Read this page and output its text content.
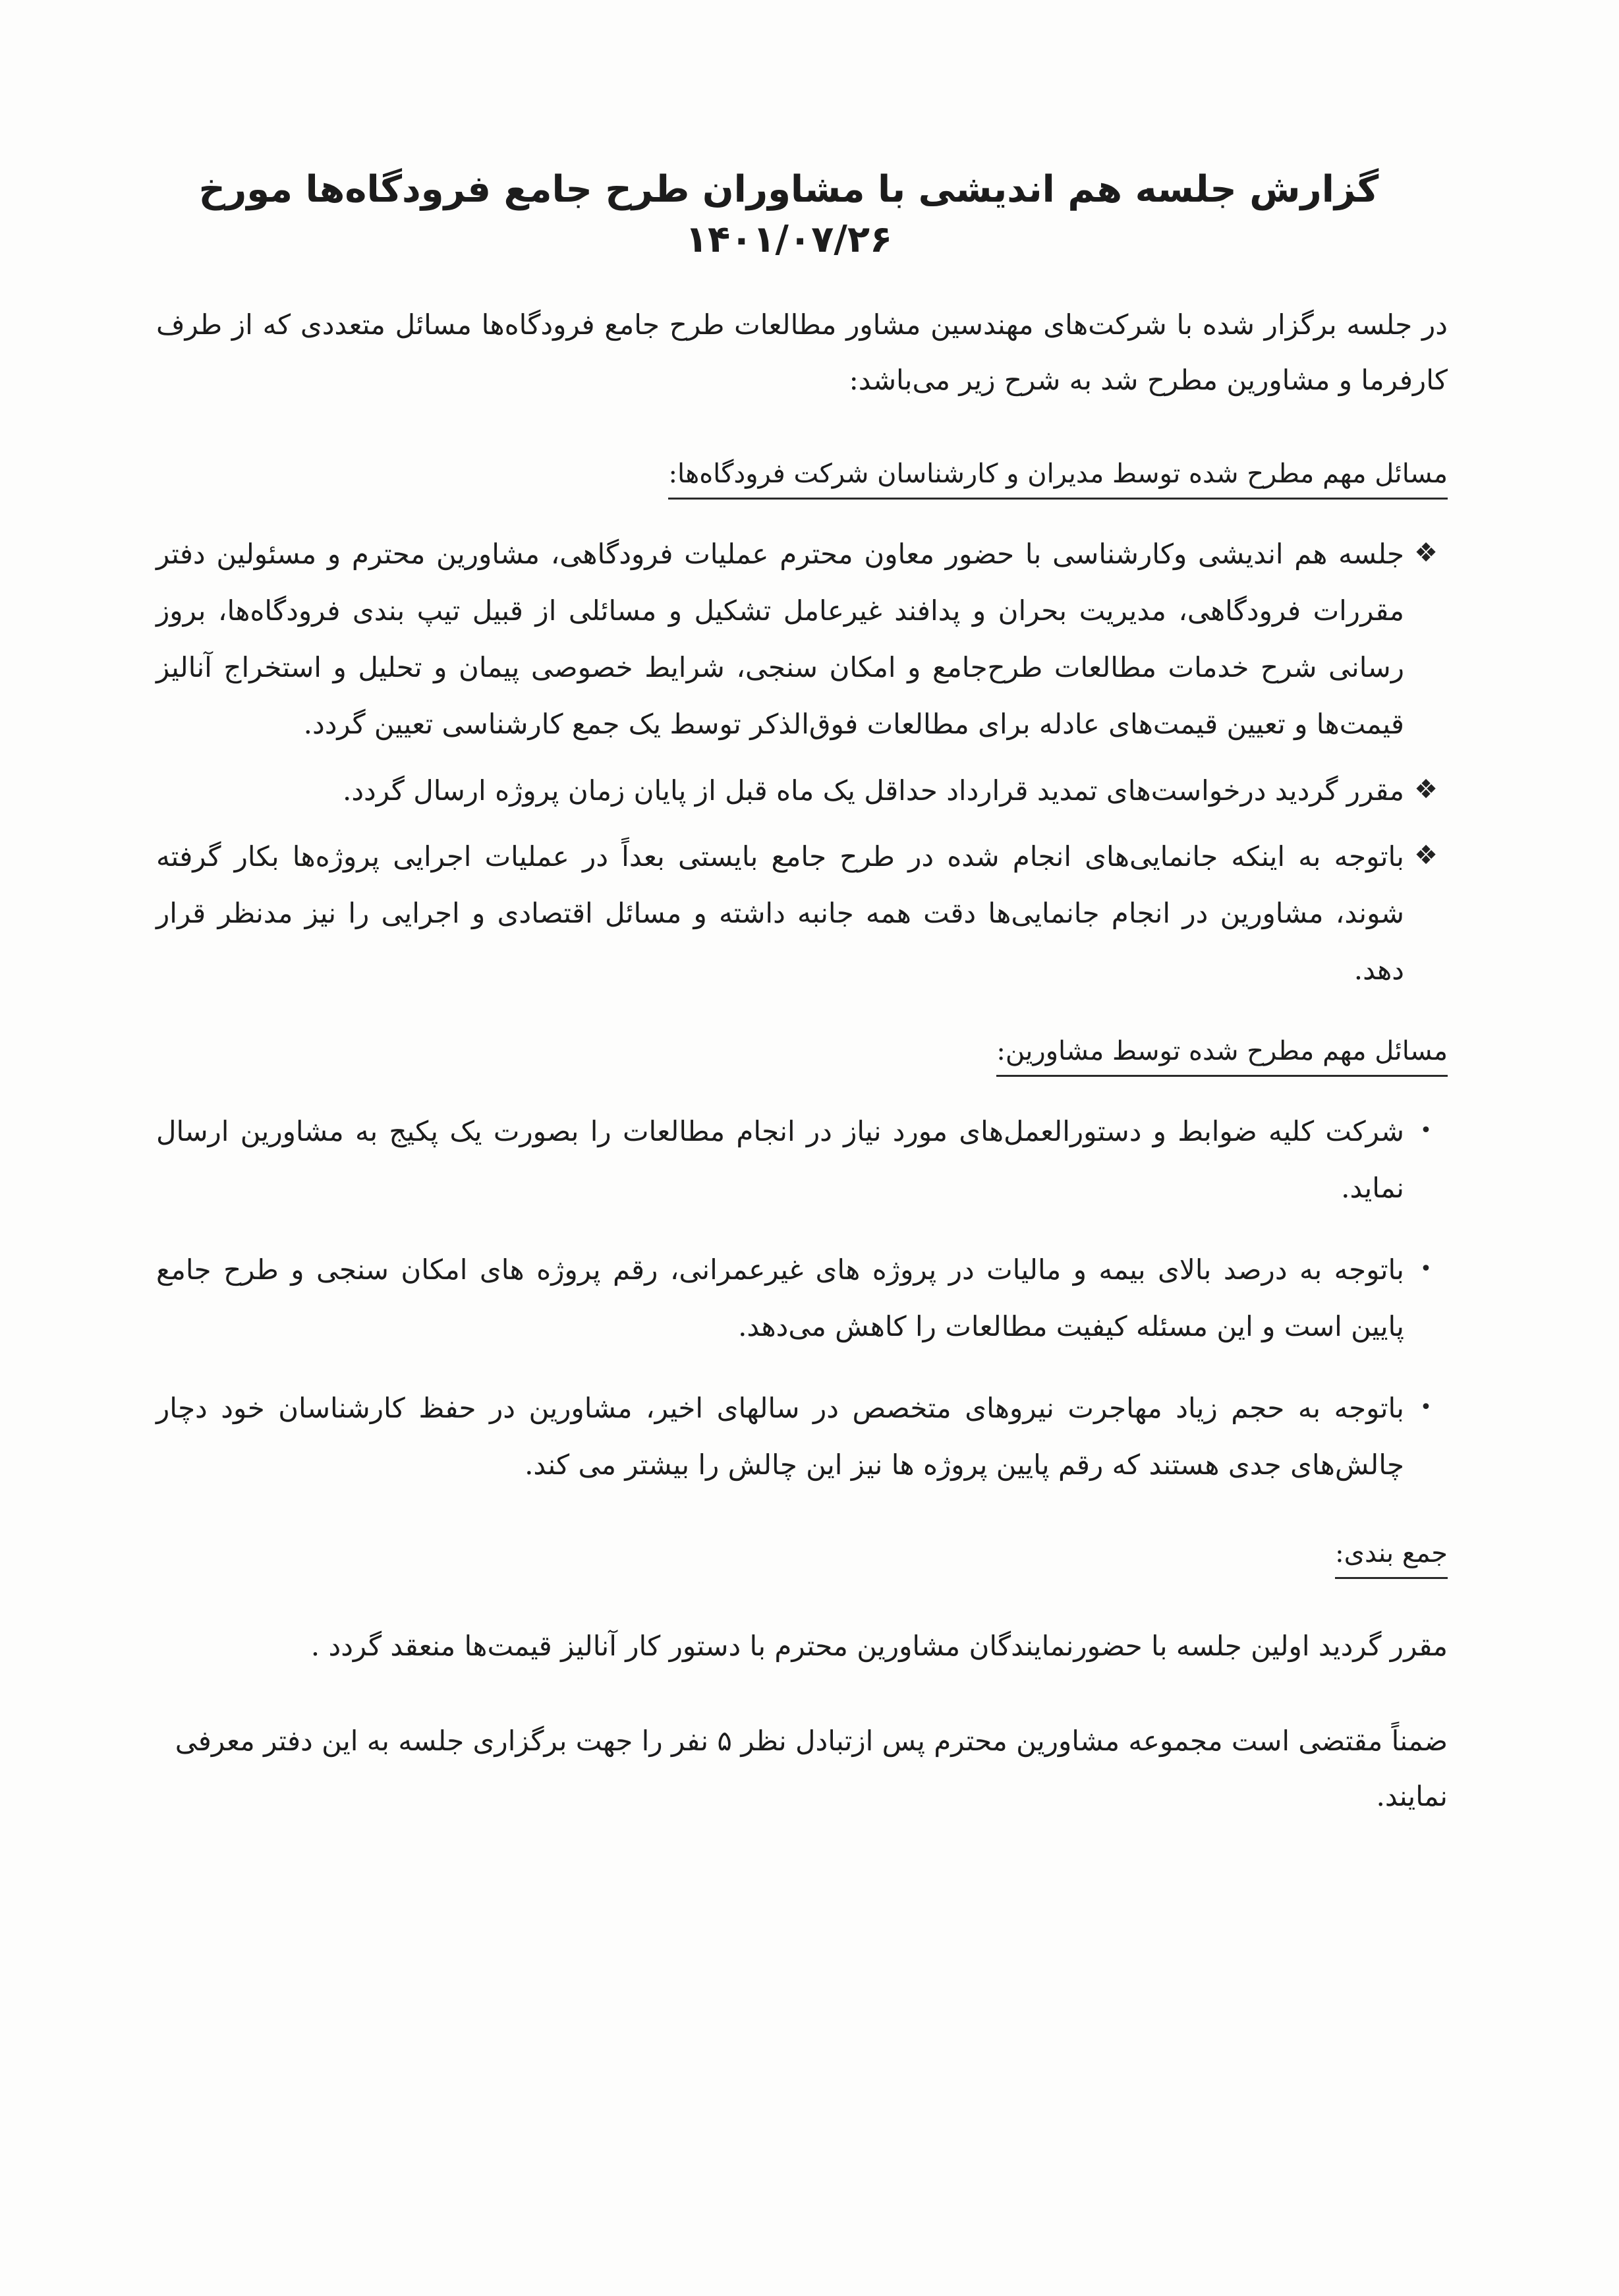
گزارش جلسه هم اندیشی با مشاوران طرح جامع فرودگاه‌ها مورخ ۱۴۰۱/۰۷/۲۶

در جلسه برگزار شده با شرکت‌های مهندسین مشاور مطالعات طرح جامع فرودگاه‌ها مسائل متعددی که از طرف کارفرما و مشاورین مطرح شد به شرح زیر می‌باشد:

مسائل مهم مطرح شده توسط مدیران و کارشناسان شرکت فرودگاه‌ها:
❖
جلسه هم اندیشی وکارشناسی با حضور معاون محترم عملیات فرودگاهی، مشاورین محترم و مسئولین دفتر مقررات فرودگاهی، مدیریت بحران و پدافند غیرعامل تشکیل و مسائلی از قبیل تیپ بندی فرودگاه‌ها، بروز رسانی شرح خدمات مطالعات طرح‌جامع و امکان سنجی، شرایط خصوصی پیمان و تحلیل و استخراج آنالیز قیمت‌ها و تعیین قیمت‌های عادله برای مطالعات فوق‌الذکر توسط یک جمع کارشناسی تعیین گردد.
❖
مقرر گردید درخواست‌های تمدید قرارداد حداقل یک ماه قبل از پایان زمان پروژه ارسال گردد.
❖
باتوجه به اینکه جانمایی‌های انجام شده در طرح جامع بایستی بعداً در عملیات اجرایی پروژه‌ها بکار گرفته شوند، مشاورین در انجام جانمایی‌ها دقت همه جانبه داشته و مسائل اقتصادی و اجرایی را نیز مدنظر قرار دهد.
مسائل مهم مطرح شده توسط مشاورین:
•
شرکت کلیه ضوابط و دستورالعمل‌های مورد نیاز در انجام مطالعات را بصورت یک پکیج به مشاورین ارسال نماید.
•
باتوجه به درصد بالای بیمه و مالیات در پروژه های غیرعمرانی، رقم پروژه های امکان سنجی و طرح جامع پایین است و این مسئله کیفیت مطالعات را کاهش می‌دهد.
•
باتوجه به حجم زیاد مهاجرت نیروهای متخصص در سالهای اخیر، مشاورین در حفظ کارشناسان خود دچار چالش‌های جدی هستند که رقم پایین پروژه ها نیز این چالش را بیشتر می کند.
جمع بندی:

مقرر گردید اولین جلسه با حضورنمایندگان مشاورین محترم با دستور کار آنالیز قیمت‌ها منعقد گردد .

ضمناً مقتضی است مجموعه مشاورین محترم پس ازتبادل نظر ۵ نفر را جهت برگزاری جلسه به این دفتر معرفی نمایند.
